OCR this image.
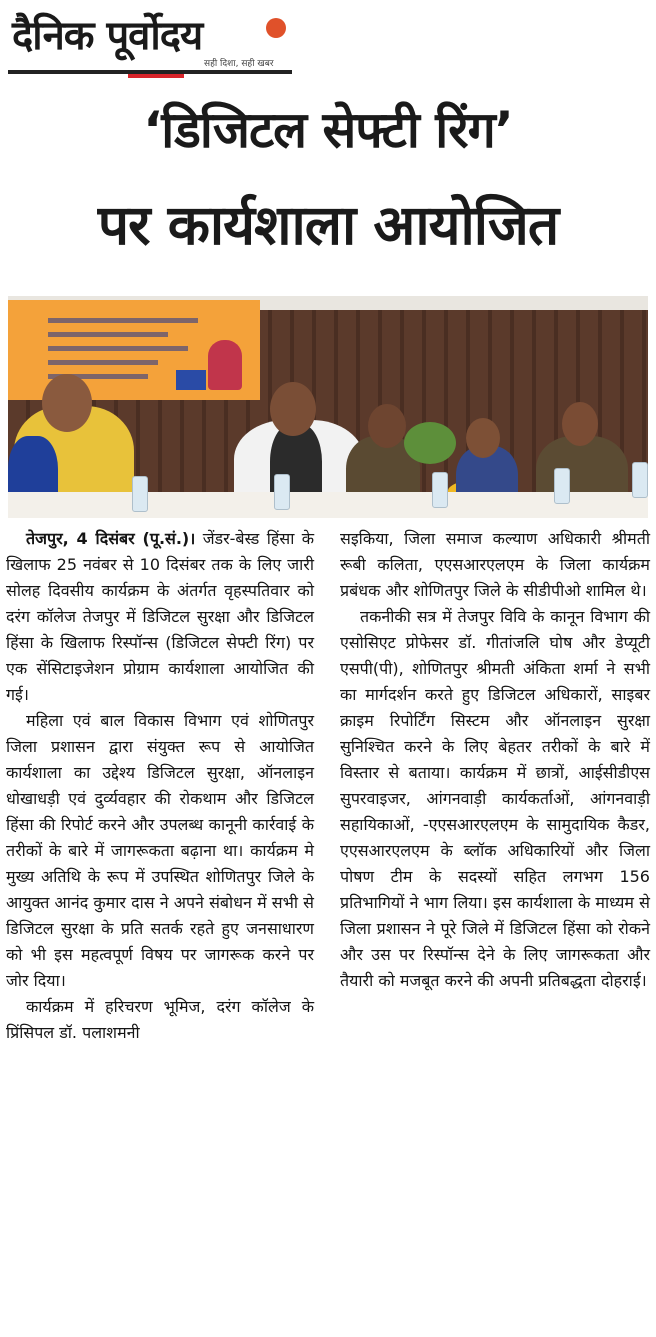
दैनिक पूर्वोदय
सही दिशा, सही खबर
‘डिजिटल सेफ्टी रिंग’
पर कार्यशाला आयोजित

तेजपुर, 4 दिसंबर (पू.सं.)। जेंडर-बेस्ड हिंसा के खिलाफ 25 नवंबर से 10 दिसंबर तक के लिए जारी सोलह दिवसीय कार्यक्रम के अंतर्गत वृहस्पतिवार को दरंग कॉलेज तेजपुर में डिजिटल सुरक्षा और डिजिटल हिंसा के खिलाफ रिस्पॉन्स (डिजिटल सेफ्टी रिंग) पर एक सेंसिटाइजेशन प्रोग्राम कार्यशाला आयोजित की गई।

महिला एवं बाल विकास विभाग एवं शोणितपुर जिला प्रशासन द्वारा संयुक्त रूप से आयोजित कार्यशाला का उद्देश्य डिजिटल सुरक्षा, ऑनलाइन धोखाधड़ी एवं दुर्व्यवहार की रोकथाम और डिजिटल हिंसा की रिपोर्ट करने और उपलब्ध कानूनी कार्रवाई के तरीकों के बारे में जागरूकता बढ़ाना था। कार्यक्रम मे मुख्य अतिथि के रूप में उपस्थित शोणितपुर जिले के आयुक्त आनंद कुमार दास ने अपने संबोधन में सभी से डिजिटल सुरक्षा के प्रति सतर्क रहते हुए जनसाधारण को भी इस महत्वपूर्ण विषय पर जागरूक करने पर जोर दिया।

कार्यक्रम में हरिचरण भूमिज, दरंग कॉलेज के प्रिंसिपल डॉ. पलाशमनी

सइकिया, जिला समाज कल्याण अधिकारी श्रीमती रूबी कलिता, एएसआरएलएम के जिला कार्यक्रम प्रबंधक और शोणितपुर जिले के सीडीपीओ शामिल थे।

तकनीकी सत्र में तेजपुर विवि के कानून विभाग की एसोसिएट प्रोफेसर डॉ. गीतांजलि घोष और डेप्यूटी एसपी(पी), शोणितपुर श्रीमती अंकिता शर्मा ने सभी का मार्गदर्शन करते हुए डिजिटल अधिकारों, साइबर क्राइम रिपोर्टिंग सिस्टम और ऑनलाइन सुरक्षा सुनिश्चित करने के लिए बेहतर तरीकों के बारे में विस्तार से बताया। कार्यक्रम में छात्रों, आईसीडीएस सुपरवाइजर, आंगनवाड़ी कार्यकर्ताओं, आंगनवाड़ी सहायिकाओं, -एएसआरएलएम के सामुदायिक कैडर, एएसआरएलएम के ब्लॉक अधिकारियों और जिला पोषण टीम के सदस्यों सहित लगभग 156 प्रतिभागियों ने भाग लिया। इस कार्यशाला के माध्यम से जिला प्रशासन ने पूरे जिले में डिजिटल हिंसा को रोकने और उस पर रिस्पॉन्स देने के लिए जागरूकता और तैयारी को मजबूत करने की अपनी प्रतिबद्धता दोहराई।
